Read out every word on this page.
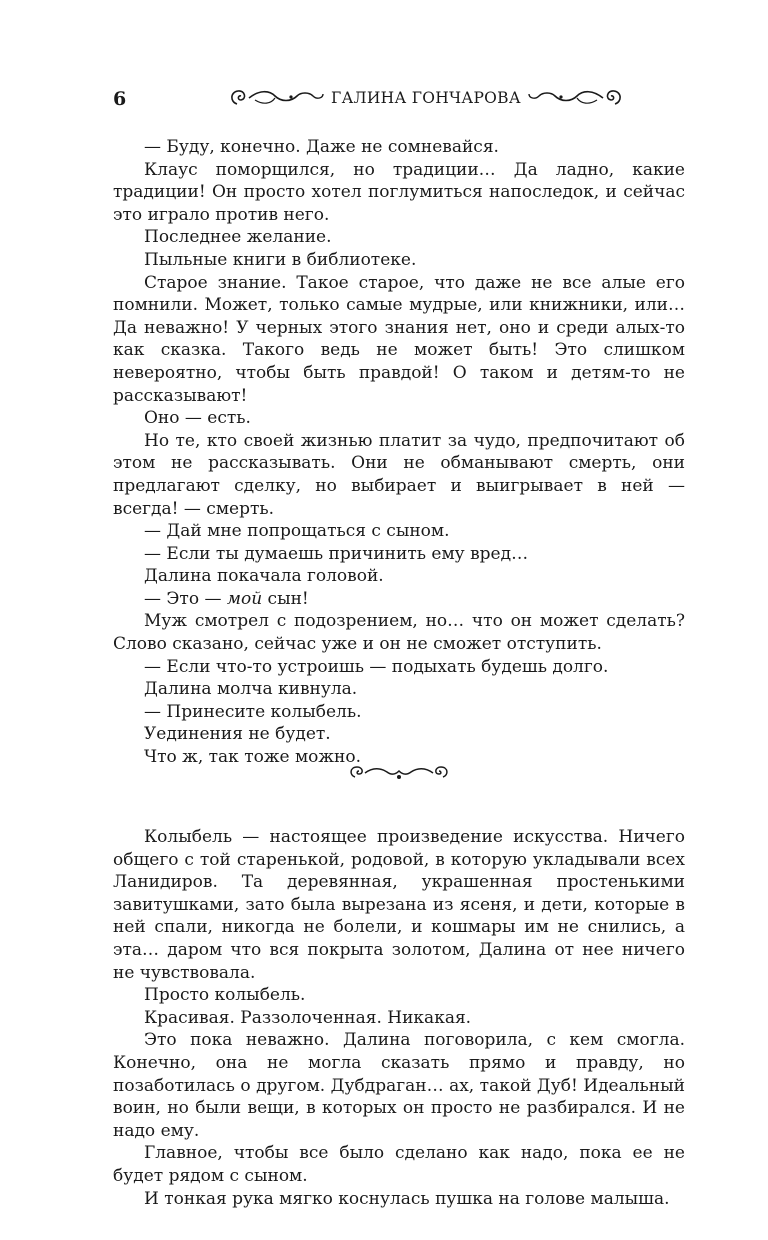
6	ГАЛИНА ГОНЧАРОВА

— Буду, конечно. Даже не сомневайся.

Клаус поморщился, но традиции… Да ладно, какие традиции! Он просто хотел поглумиться напоследок, и сейчас это играло против него.

Последнее желание.

Пыльные книги в библиотеке.

Старое знание. Такое старое, что даже не все алые его помнили. Может, только самые мудрые, или книжники, или… Да неважно! У черных этого знания нет, оно и среди алых-то как сказка. Такого ведь не может быть! Это слишком невероятно, чтобы быть правдой! О таком и детям-то не рассказывают!

Оно — есть.

Но те, кто своей жизнью платит за чудо, предпочитают об этом не рассказывать. Они не обманывают смерть, они предлагают сделку, но выбирает и выигрывает в ней — всегда! — смерть.

— Дай мне попрощаться с сыном.

— Если ты думаешь причинить ему вред…

Далина покачала головой.

— Это — мой сын!

Муж смотрел с подозрением, но… что он может сделать? Слово сказано, сейчас уже и он не сможет отступить.

— Если что-то устроишь — подыхать будешь долго.

Далина молча кивнула.

— Принесите колыбель.

Уединения не будет.

Что ж, так тоже можно.

Колыбель — настоящее произведение искусства. Ничего общего с той старенькой, родовой, в которую укладывали всех Ланидиров. Та деревянная, украшенная простенькими завитушками, зато была вырезана из ясеня, и дети, которые в ней спали, никогда не болели, и кошмары им не снились, а эта… даром что вся покрыта золотом, Далина от нее ничего не чувствовала.

Просто колыбель.

Красивая. Раззолоченная. Никакая.

Это пока неважно. Далина поговорила, с кем смогла. Конечно, она не могла сказать прямо и правду, но позаботилась о другом. Дубдраган… ах, такой Дуб! Идеальный воин, но были вещи, в которых он просто не разбирался. И не надо ему.

Главное, чтобы все было сделано как надо, пока ее не будет рядом с сыном.

И тонкая рука мягко коснулась пушка на голове малыша.
